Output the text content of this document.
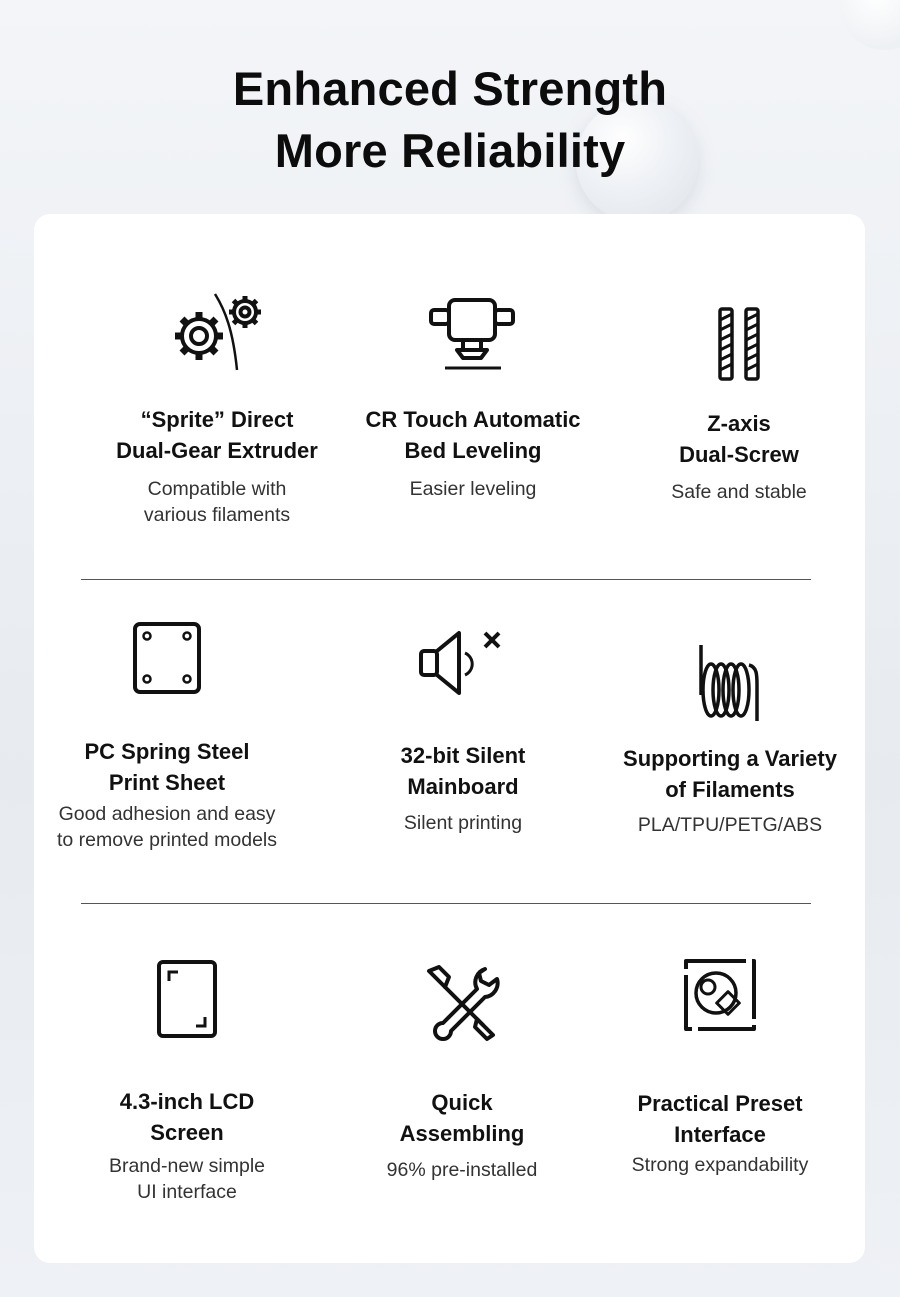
Enhanced Strength
More Reliability
“Sprite” Direct
Dual-Gear Extruder
Compatible with
various filaments
CR Touch Automatic
Bed Leveling
Easier leveling
Z-axis
Dual-Screw
Safe and stable
PC Spring Steel
Print Sheet
Good adhesion and easy
to remove printed models
32-bit Silent
Mainboard
Silent printing
Supporting a Variety
of Filaments
PLA/TPU/PETG/ABS
4.3-inch LCD
Screen
Brand-new simple
UI interface
Quick
Assembling
96% pre-installed
Practical Preset
Interface
Strong expandability
